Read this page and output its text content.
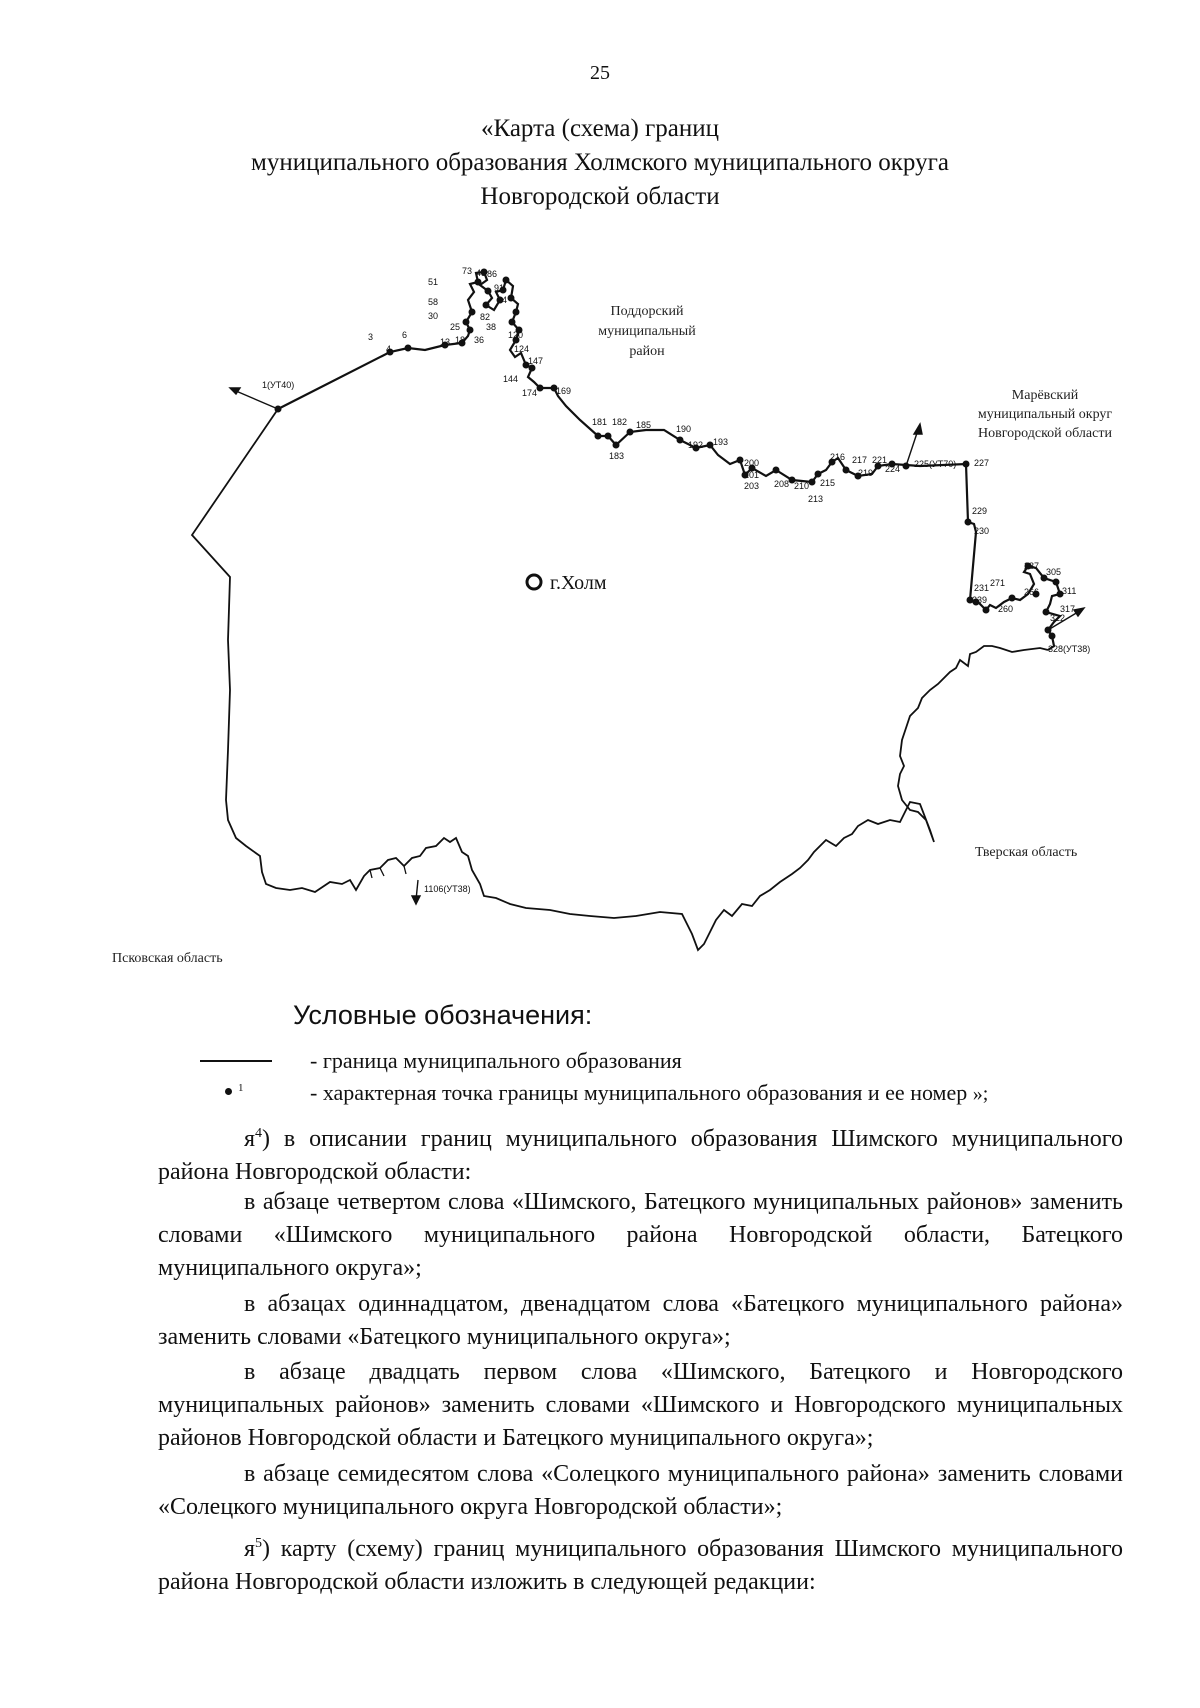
25
«Карта (схема) границ
муниципального образования Холмского муниципального округа
Новгородской области
1(УТ40)
3
4
6
13 18
25
30
36
38
45
51
58
73
82
84
86
91
120
124
144
147
169
174
181 182
183
185	190
192 193
200
201
203 208 210
213
215
216 217
219
221
224 225(УТ70) 227
229
230
231
239
260
266
271
287
305
311
317
322
328(УТ38)
1106(УТ38)
г.Холм
Поддорский
муниципальный
район
Марёвский
муниципальный округ
Новгородской области
Тверская область
Псковская область
Условные обозначения:
- граница муниципального образования
1	- характерная точка границы муниципального образования и ее номер »;
$я^4$) в описании границ муниципального образования Шимского муниципального района Новгородской области:
в абзаце четвертом слова «Шимского, Батецкого муниципальных районов» заменить словами «Шимского муниципального района Новгородской области, Батецкого муниципального округа»;
в абзацах одиннадцатом, двенадцатом слова «Батецкого муниципального района» заменить словами «Батецкого муниципального округа»;
в абзаце двадцать первом слова «Шимского, Батецкого и Новгородского муниципальных районов» заменить словами «Шимского и Новгородского муниципальных районов Новгородской области и Батецкого муниципального округа»;
в абзаце семидесятом слова «Солецкого муниципального района» заменить словами «Солецкого муниципального округа Новгородской области»;
$я^5$) карту (схему) границ муниципального образования Шимского муниципального района Новгородской области изложить в следующей редакции:
